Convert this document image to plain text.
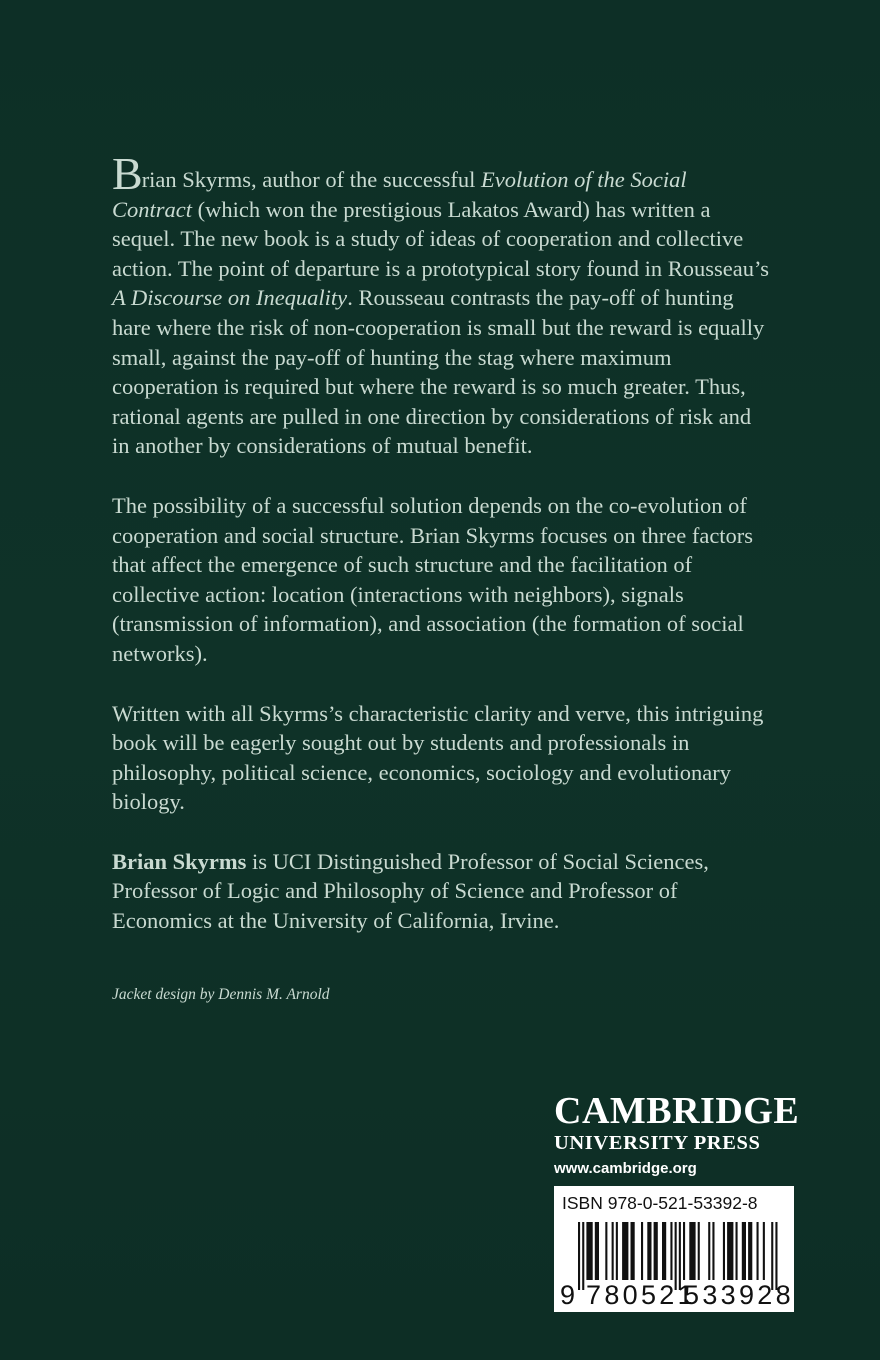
Brian Skyrms, author of the successful Evolution of the Social Contract (which won the prestigious Lakatos Award) has written a sequel. The new book is a study of ideas of cooperation and collective action. The point of departure is a prototypical story found in Rousseau’s A Discourse on Inequality. Rousseau contrasts the pay-off of hunting hare where the risk of non-cooperation is small but the reward is equally small, against the pay-off of hunting the stag where maximum cooperation is required but where the reward is so much greater. Thus, rational agents are pulled in one direction by considerations of risk and in another by considerations of mutual benefit.

The possibility of a successful solution depends on the co-evolution of cooperation and social structure. Brian Skyrms focuses on three factors that affect the emergence of such structure and the facilitation of collective action: location (interactions with neighbors), signals (transmission of information), and association (the formation of social networks).

Written with all Skyrms’s characteristic clarity and verve, this intriguing book will be eagerly sought out by students and professionals in philosophy, political science, economics, sociology and evolutionary biology.

Brian Skyrms is UCI Distinguished Professor of Social Sciences, Professor of Logic and Philosophy of Science and Professor of Economics at the University of California, Irvine.

Jacket design by Dennis M. Arnold
CAMBRIDGE
UNIVERSITY PRESS
www.cambridge.org
ISBN 978-0-521-53392-8
9 780521
533928
